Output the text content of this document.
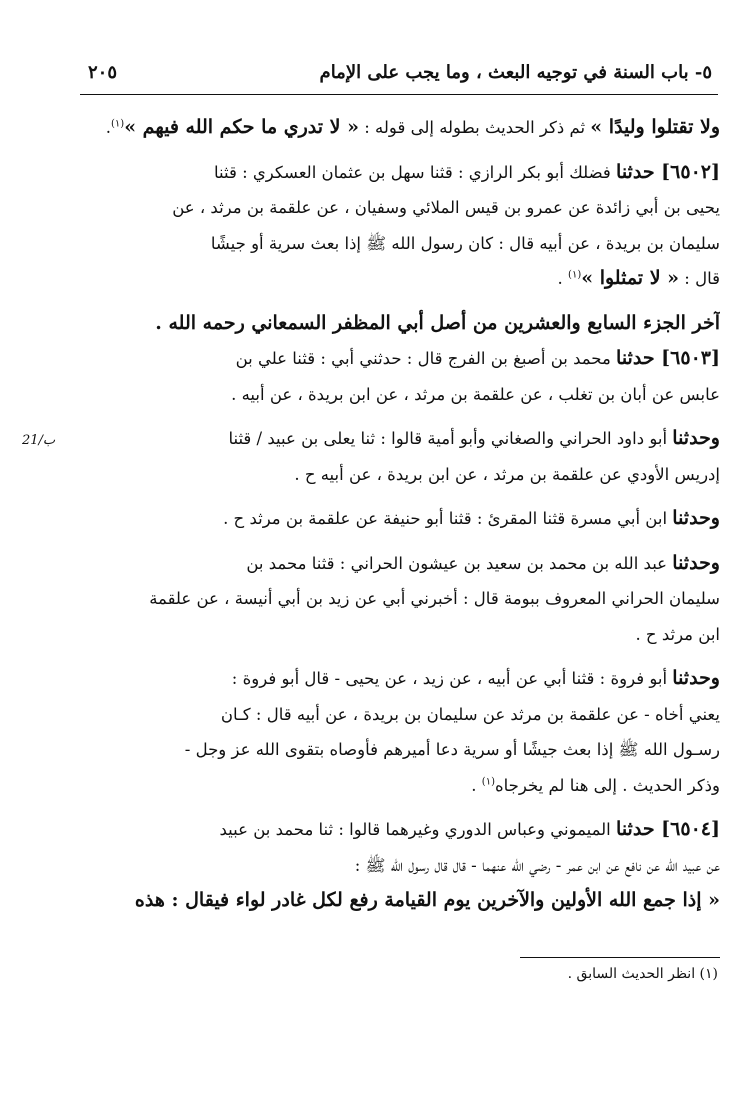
٥- باب السنة في توجيه البعث ، وما يجب على الإمام
٢٠٥
21/ب
ولا تقتلوا وليدًا » ثم ذكر الحديث بطوله إلى قوله : « لا تدري ما حكم الله فيهم »$^{(١)}$.
[٦٥٠٢] حدثنا فضلك أبو بكر الرازي : قثنا سهل بن عثمان العسكري : قثنا
يحيى بن أبي زائدة عن عمرو بن قيس الملائي وسفيان ، عن علقمة بن مرثد ، عن
سليمان بن بريدة ، عن أبيه قال : كان رسول الله ﷺ إذا بعث سرية أو جيشًا
قال : « لا تمثلوا »$^{(١)}$ .
آخر الجزء السابع والعشرين من أصل أبي المظفر السمعاني رحمه الله .
[٦٥٠٣] حدثنا محمد بن أصبغ بن الفرج قال : حدثني أبي : قثنا علي بن
عابس عن أبان بن تغلب ، عن علقمة بن مرثد ، عن ابن بريدة ، عن أبيه .
وحدثنا أبو داود الحراني والصغاني وأبو أمية قالوا : ثنا يعلى بن عبيد / قثنا
إدريس الأودي عن علقمة بن مرثد ، عن ابن بريدة ، عن أبيه ح .
وحدثنا ابن أبي مسرة قثنا المقرئ : قثنا أبو حنيفة عن علقمة بن مرثد ح .
وحدثنا عبد الله بن محمد بن سعيد بن عيشون الحراني : قثنا محمد بن
سليمان الحراني المعروف ببومة قال : أخبرني أبي عن زيد بن أبي أنيسة ، عن علقمة
ابن مرثد ح .
وحدثنا أبو فروة : قثنا أبي عن أبيه ، عن زيد ، عن يحيى - قال أبو فروة :
يعني أخاه - عن علقمة بن مرثد عن سليمان بن بريدة ، عن أبيه قال : كـان
رسـول الله ﷺ إذا بعث جيشًا أو سرية دعا أميرهم فأوصاه بتقوى الله عز وجل -
وذكر الحديث . إلى هنا لم يخرجاه$^{(١)}$ .
[٦٥٠٤] حدثنا الميموني وعباس الدوري وغيرهما قالوا : ثنا محمد بن عبيد
عن عبيد الله عن نافع عن ابن عمر - رضي الله عنهما - قال قال رسول الله ﷺ :
« إذا جمع الله الأولين والآخرين يوم القيامة رفع لكل غادر لواء فيقال : هذه
(١) انظر الحديث السابق .
